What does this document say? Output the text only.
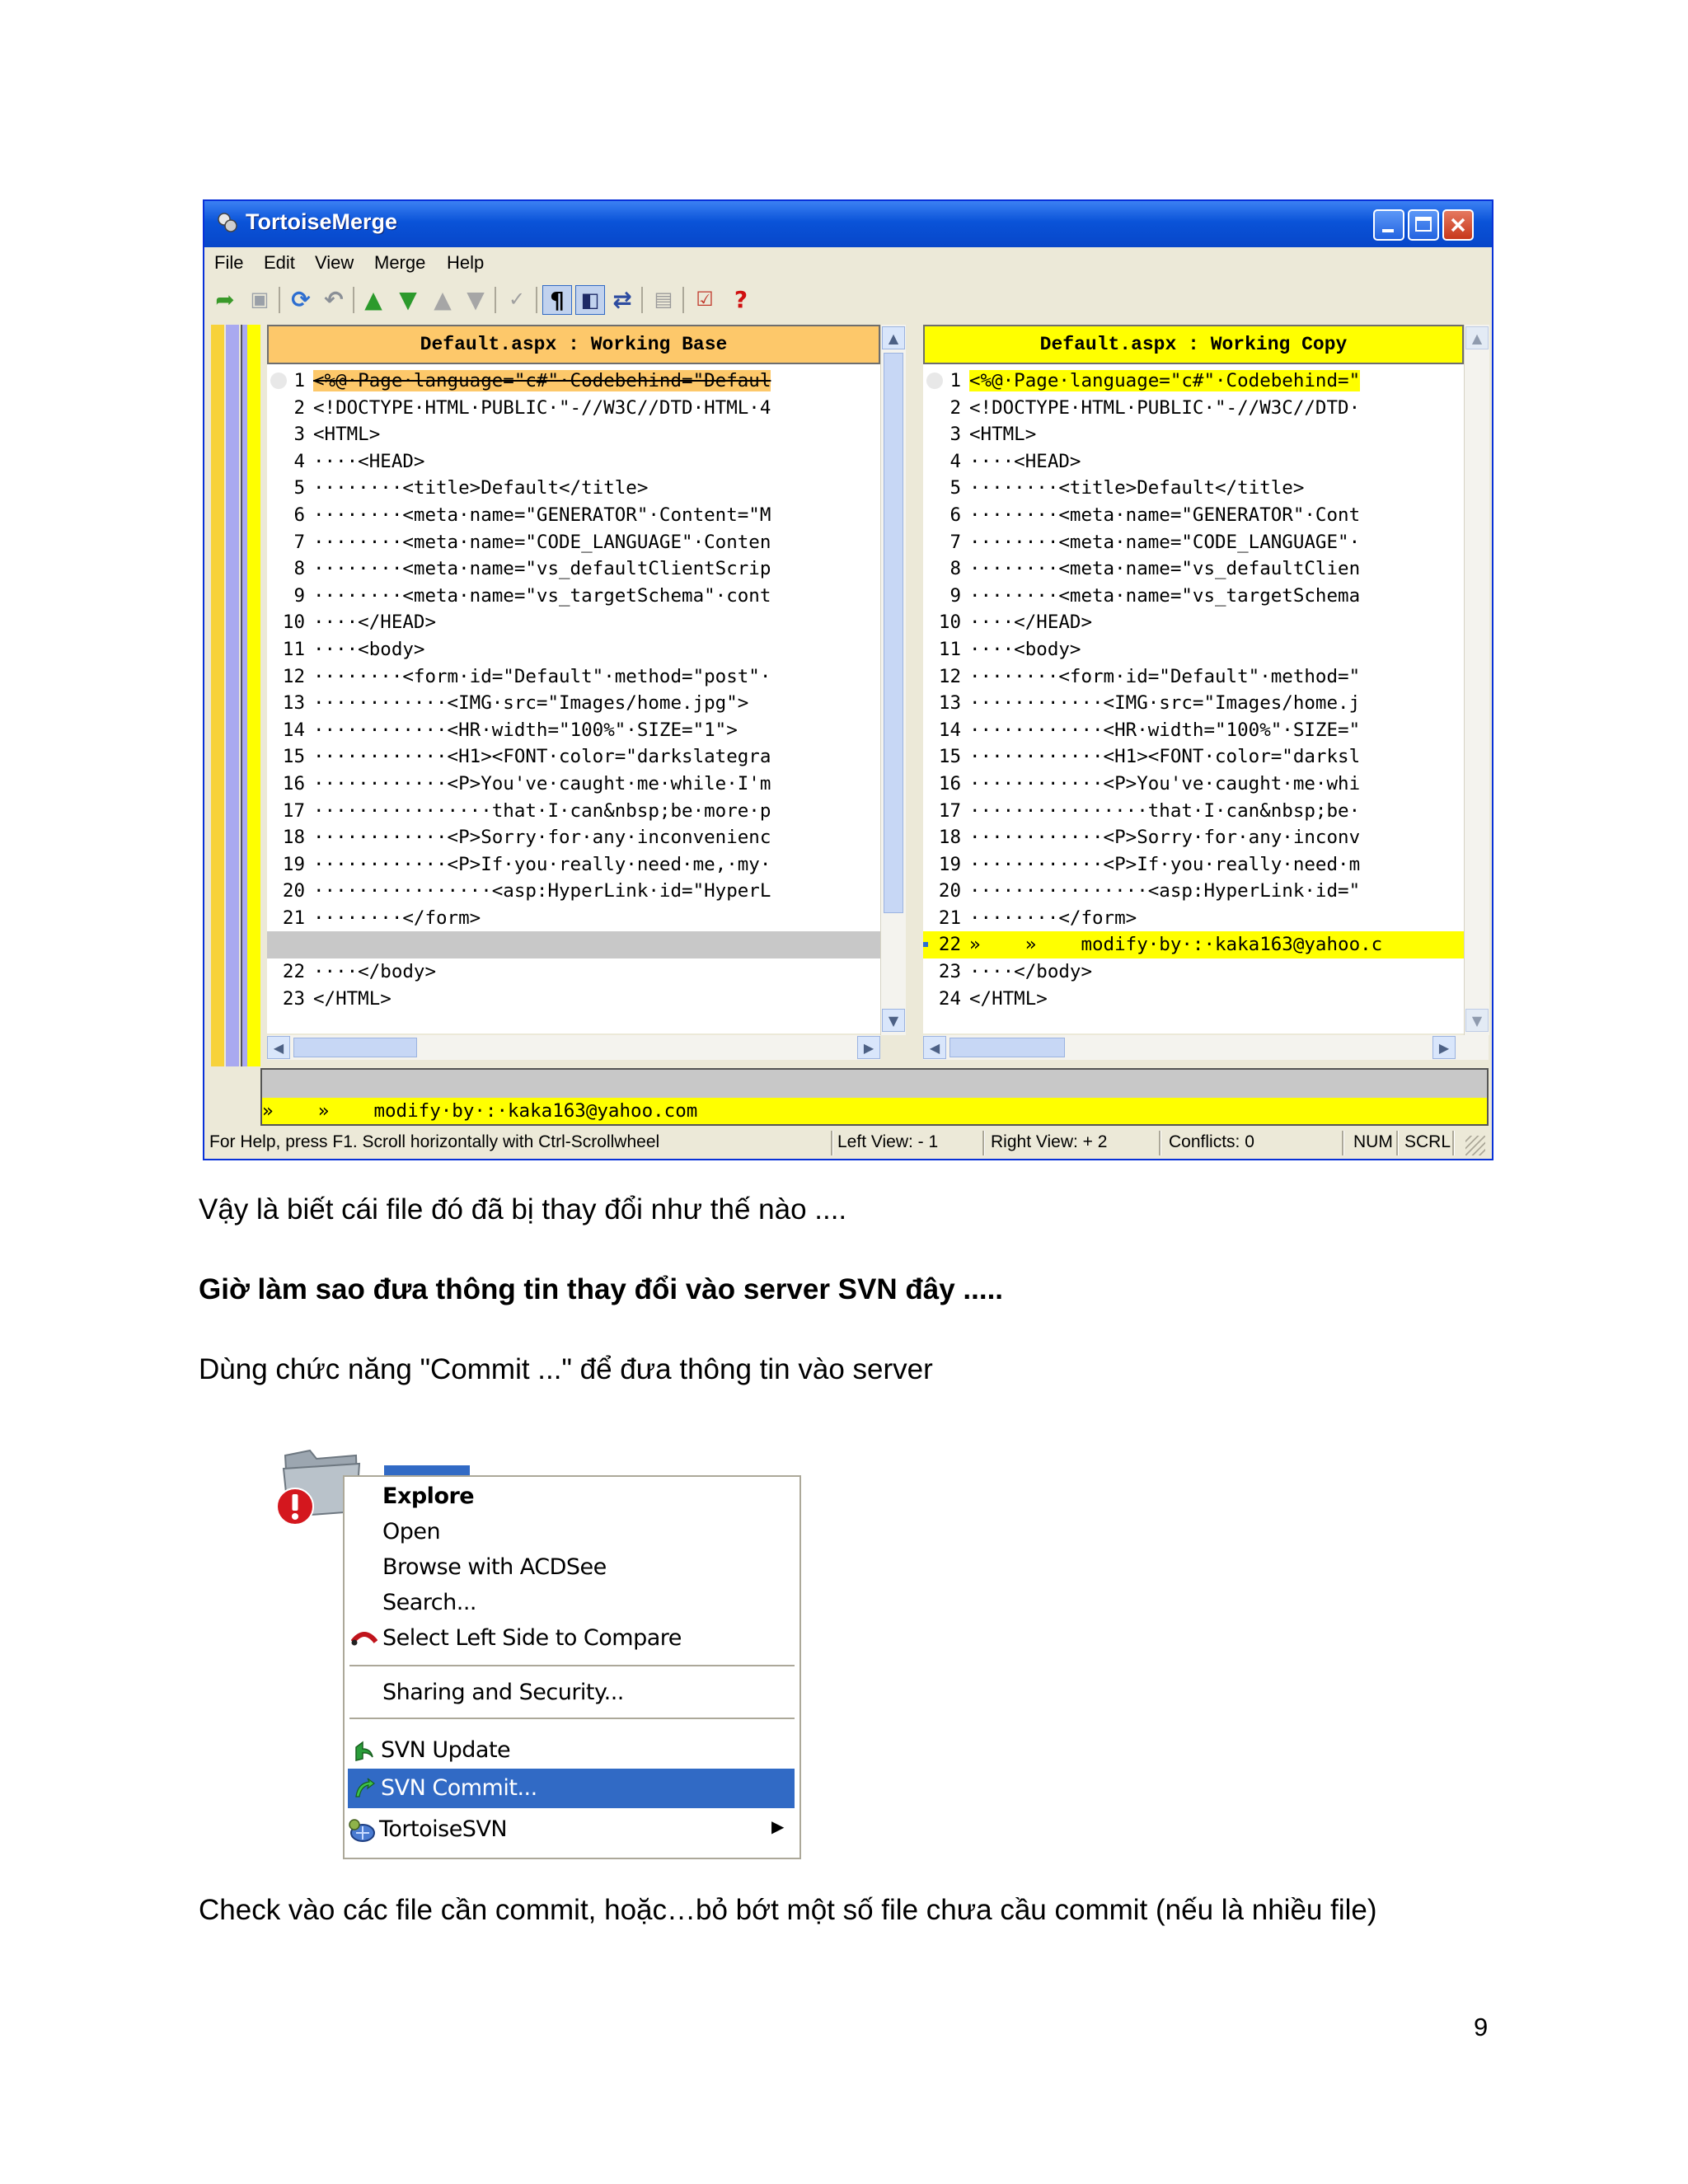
TortoiseMerge
File Edit View Merge Help
➦ ▣ ⟳ ↶ ▲ ▼ ▲ ▼ ✓	¶ ◧ ⇄ ▤ ☑ ?
Default.aspx : Working Base
1 <%@·Page·language="c#"·Codebehind="Defaul
2 <!DOCTYPE·HTML·PUBLIC·"-//W3C//DTD·HTML·4
3 <HTML>
4 ····<HEAD>
5 ········<title>Default</title>
6 ········<meta·name="GENERATOR"·Content="M
7 ········<meta·name="CODE_LANGUAGE"·Conten
8 ········<meta·name="vs_defaultClientScrip
9 ········<meta·name="vs_targetSchema"·cont
10 ····</HEAD>
11 ····<body>
12 ········<form·id="Default"·method="post"·
13 ············<IMG·src="Images/home.jpg">
14 ············<HR·width="100%"·SIZE="1">
15 ············<H1><FONT·color="darkslategra
16 ············<P>You've·caught·me·while·I'm
17 ················that·I·can&nbsp;be·more·p
18 ············<P>Sorry·for·any·inconvenienc
19 ············<P>If·you·really·need·me,·my·
20 ················<asp:HyperLink·id="HyperL
21 ········</form>
22 ····</body>
23 </HTML>
▲
▼
◀	▶
Default.aspx : Working Copy
1 <%@·Page·language="c#"·Codebehind="
2 <!DOCTYPE·HTML·PUBLIC·"-//W3C//DTD·
3 <HTML>
4 ····<HEAD>
5 ········<title>Default</title>
6 ········<meta·name="GENERATOR"·Cont
7 ········<meta·name="CODE_LANGUAGE"·
8 ········<meta·name="vs_defaultClien
9 ········<meta·name="vs_targetSchema
10 ····</HEAD>
11 ····<body>
12 ········<form·id="Default"·method="
13 ············<IMG·src="Images/home.j
14 ············<HR·width="100%"·SIZE="
15 ············<H1><FONT·color="darksl
16 ············<P>You've·caught·me·whi
17 ················that·I·can&nbsp;be·
18 ············<P>Sorry·for·any·inconv
19 ············<P>If·you·really·need·m
20 ················<asp:HyperLink·id="
21 ········</form>
22 »    »    modify·by·:·kaka163@yahoo.c
23 ····</body>
24 </HTML>
▲
▼
◀	▶
»    »    modify·by·:·kaka163@yahoo.com
For Help, press F1. Scroll horizontally with Ctrl-Scrollwheel	Left View: - 1	Right View: + 2	Conflicts: 0	NUM SCRL
Vậy là biết cái file đó đã bị thay đổi như thế nào ....
Giờ làm sao đưa thông tin thay đổi vào server SVN đây .....
Dùng chức năng "Commit ..." để đưa thông tin vào server
Explore
Open
Browse with ACDSee
Search...
Select Left Side to Compare
Sharing and Security...
SVN Update
SVN Commit...
TortoiseSVN	▶
Check vào các file cần commit, hoặc…bỏ bớt một số file chưa cầu commit (nếu là nhiều file)
9
